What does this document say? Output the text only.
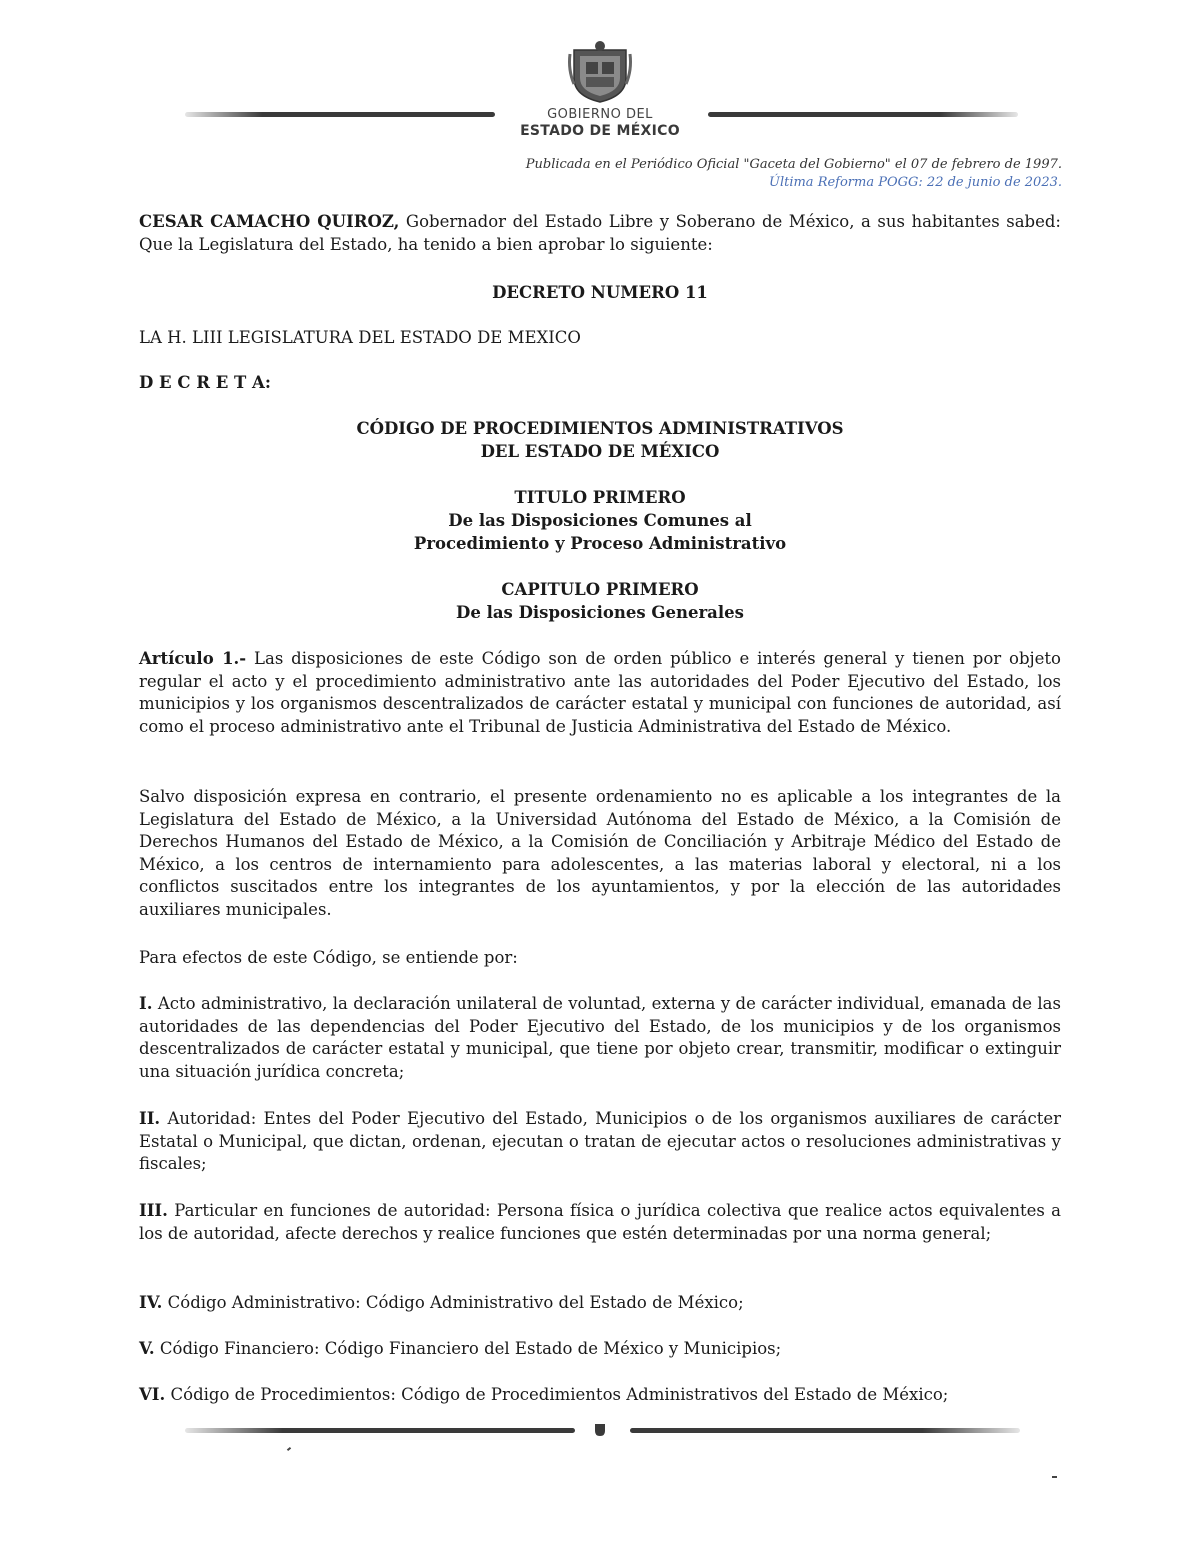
GOBIERNO DEL
ESTADO DE MÉXICO
Publicada en el Periódico Oficial "Gaceta del Gobierno" el 07 de febrero de 1997.
Última Reforma POGG: 22 de junio de 2023.
CESAR CAMACHO QUIROZ, Gobernador del Estado Libre y Soberano de México, a sus habitantes sabed: Que la Legislatura del Estado, ha tenido a bien aprobar lo siguiente:
DECRETO NUMERO 11
LA H. LIII LEGISLATURA DEL ESTADO DE MEXICO
D E C R E T A:
CÓDIGO DE PROCEDIMIENTOS ADMINISTRATIVOS
DEL ESTADO DE MÉXICO
TITULO PRIMERO
De las Disposiciones Comunes al
Procedimiento y Proceso Administrativo
CAPITULO PRIMERO
De las Disposiciones Generales
Artículo 1.- Las disposiciones de este Código son de orden público e interés general y tienen por objeto regular el acto y el procedimiento administrativo ante las autoridades del Poder Ejecutivo del Estado, los municipios y los organismos descentralizados de carácter estatal y municipal con funciones de autoridad, así como el proceso administrativo ante el Tribunal de Justicia Administrativa del Estado de México.
Salvo disposición expresa en contrario, el presente ordenamiento no es aplicable a los integrantes de la Legislatura del Estado de México, a la Universidad Autónoma del Estado de México, a la Comisión de Derechos Humanos del Estado de México, a la Comisión de Conciliación y Arbitraje Médico del Estado de México, a los centros de internamiento para adolescentes, a las materias laboral y electoral, ni a los conflictos suscitados entre los integrantes de los ayuntamientos, y por la elección de las autoridades auxiliares municipales.
Para efectos de este Código, se entiende por:
I. Acto administrativo, la declaración unilateral de voluntad, externa y de carácter individual, emanada de las autoridades de las dependencias del Poder Ejecutivo del Estado, de los municipios y de los organismos descentralizados de carácter estatal y municipal, que tiene por objeto crear, transmitir, modificar o extinguir una situación jurídica concreta;
II. Autoridad: Entes del Poder Ejecutivo del Estado, Municipios o de los organismos auxiliares de carácter Estatal o Municipal, que dictan, ordenan, ejecutan o tratan de ejecutar actos o resoluciones administrativas y fiscales;
III. Particular en funciones de autoridad: Persona física o jurídica colectiva que realice actos equivalentes a los de autoridad, afecte derechos y realice funciones que estén determinadas por una norma general;
IV. Código Administrativo: Código Administrativo del Estado de México;
V. Código Financiero: Código Financiero del Estado de México y Municipios;
VI. Código de Procedimientos: Código de Procedimientos Administrativos del Estado de México;
